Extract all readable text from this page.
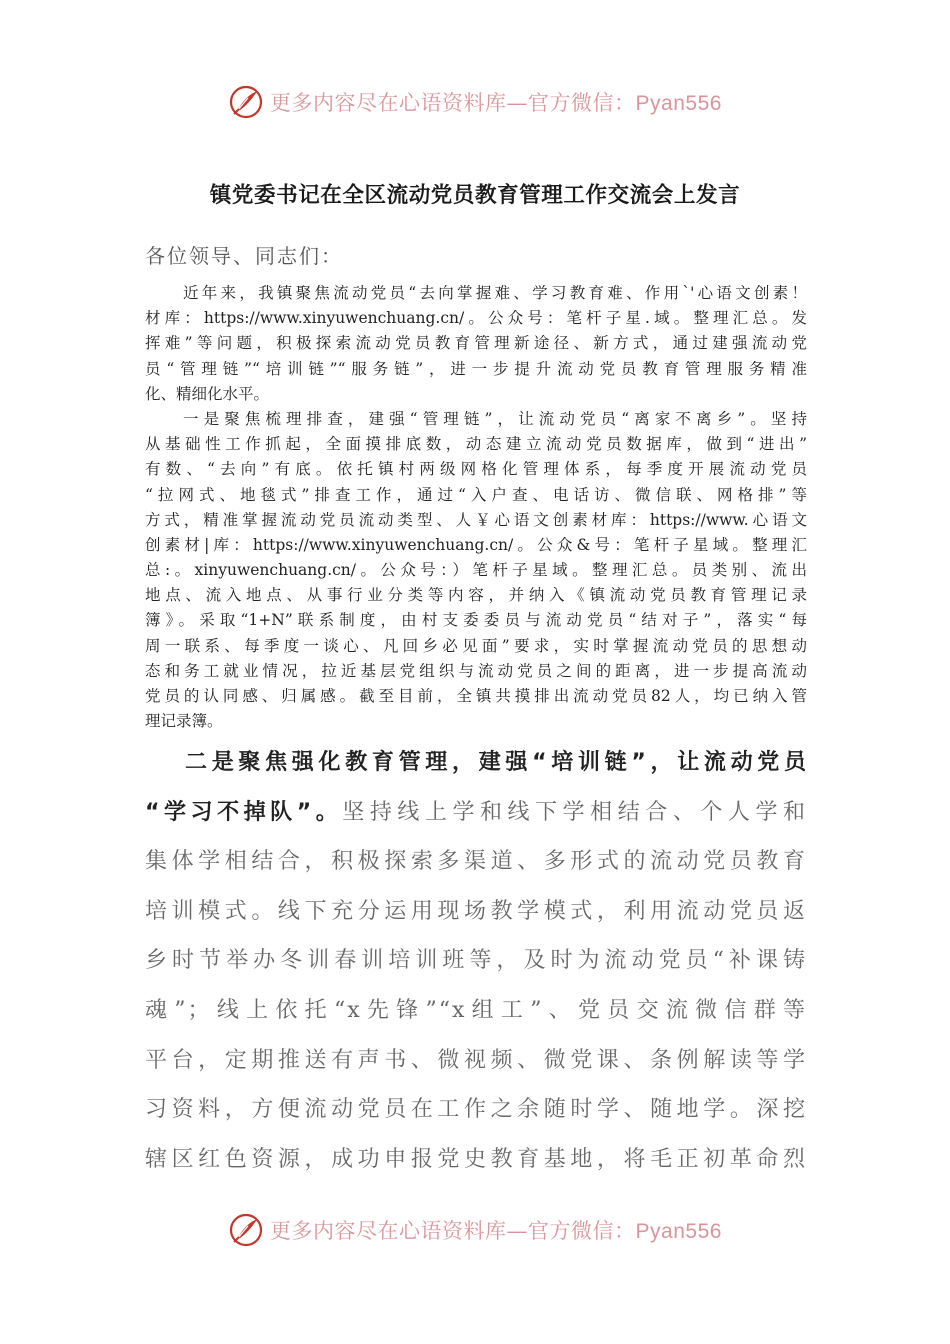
更多内容尽在心语资料库—官方微信：Pyan556
镇党委书记在全区流动党员教育管理工作交流会上发言
各位领导、同志们：
近年来，我镇聚焦流动党员“去向掌握难、学习教育难、作用`'心语文创素！
材库：https://www.xinyuwenchuang.cn/。公众号：笔杆子星.域。整理汇总。发
挥难”等问题，积极探索流动党员教育管理新途径、新方式，通过建强流动党
员“管理链”“培训链”“服务链”，进一步提升流动党员教育管理服务精准
化、精细化水平。
一是聚焦梳理排查，建强“管理链”，让流动党员“离家不离乡”。坚持
从基础性工作抓起，全面摸排底数，动态建立流动党员数据库，做到“进出”
有数、“去向”有底。依托镇村两级网格化管理体系，每季度开展流动党员
“拉网式、地毯式”排查工作，通过“入户查、电话访、微信联、网格排”等
方式，精准掌握流动党员流动类型、人￥心语文创素材库：https://www.心语文
创素材|库：https://www.xinyuwenchuang.cn/。公众&号：笔杆子星域。整理汇
总:。xinyuwenchuang.cn/。公众号：）笔杆子星域。整理汇总。员类别、流出
地点、流入地点、从事行业分类等内容，并纳入《镇流动党员教育管理记录
簿》。采取“1+N”联系制度，由村支委委员与流动党员“结对子”，落实“每
周一联系、每季度一谈心、凡回乡必见面”要求，实时掌握流动党员的思想动
态和务工就业情况，拉近基层党组织与流动党员之间的距离，进一步提高流动
党员的认同感、归属感。截至目前，全镇共摸排出流动党员82人，均已纳入管
理记录簿。
二是聚焦强化教育管理，建强“培训链”，让流动党员
“学习不掉队”。坚持线上学和线下学相结合、个人学和
集体学相结合，积极探索多渠道、多形式的流动党员教育
培训模式。线下充分运用现场教学模式，利用流动党员返
乡时节举办冬训春训培训班等，及时为流动党员“补课铸
魂”；线上依托“x先锋”“x组工”、党员交流微信群等
平台，定期推送有声书、微视频、微党课、条例解读等学
习资料，方便流动党员在工作之余随时学、随地学。深挖
辖区红色资源，成功申报党史教育基地，将毛正初革命烈
更多内容尽在心语资料库—官方微信：Pyan556
